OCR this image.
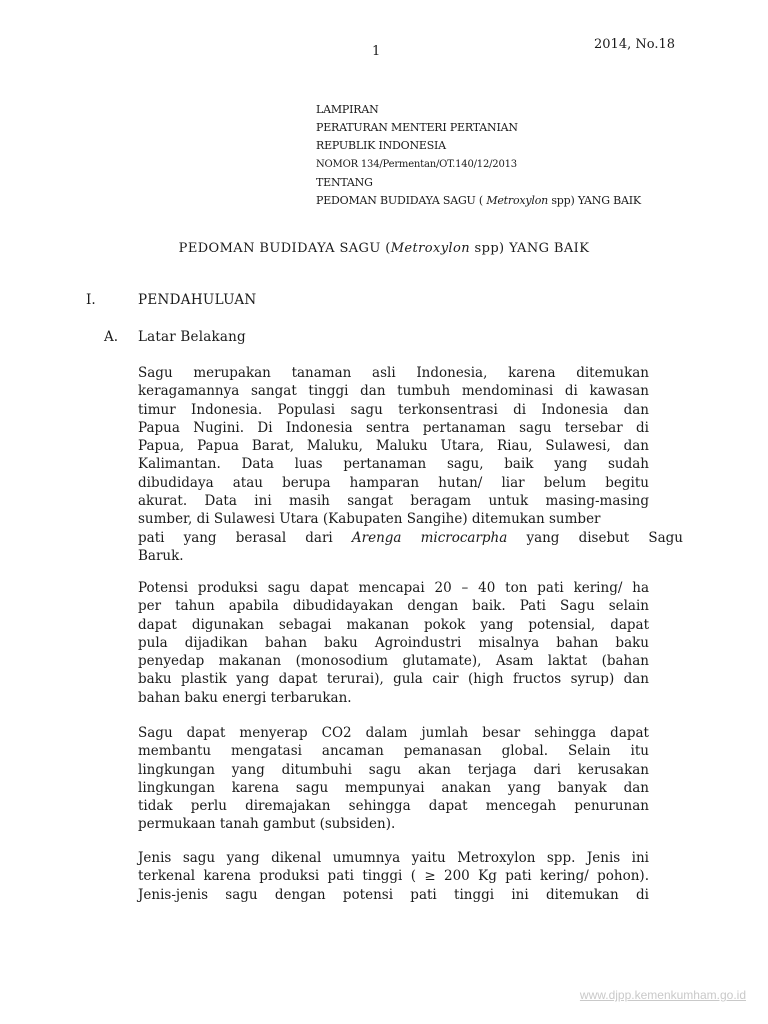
1	2014, No.18
LAMPIRAN
PERATURAN MENTERI PERTANIAN
REPUBLIK INDONESIA
NOMOR 134/Permentan/OT.140/12/2013
TENTANG
PEDOMAN BUDIDAYA SAGU ( Metroxylon spp) YANG BAIK
PEDOMAN BUDIDAYA SAGU (Metroxylon spp) YANG BAIK
I.	PENDAHULUAN
A. Latar Belakang
Sagu merupakan tanaman asli Indonesia, karena ditemukan
keragamannya sangat tinggi dan tumbuh mendominasi di kawasan
timur Indonesia. Populasi sagu terkonsentrasi di Indonesia dan
Papua Nugini. Di Indonesia sentra pertanaman sagu tersebar di
Papua, Papua Barat, Maluku, Maluku Utara, Riau, Sulawesi, dan
Kalimantan. Data luas pertanaman sagu, baik yang sudah
dibudidaya atau berupa hamparan hutan/ liar belum begitu
akurat. Data ini masih sangat beragam untuk masing-masing
sumber, di Sulawesi Utara (Kabupaten Sangihe) ditemukan sumber
pati yang berasal dari Arenga microcarpha yang disebut Sagu
Baruk.
Potensi produksi sagu dapat mencapai 20 – 40 ton pati kering/ ha
per tahun apabila dibudidayakan dengan baik. Pati Sagu selain
dapat digunakan sebagai makanan pokok yang potensial, dapat
pula dijadikan bahan baku Agroindustri misalnya bahan baku
penyedap makanan (monosodium glutamate), Asam laktat (bahan
baku plastik yang dapat terurai), gula cair (high fructos syrup) dan
bahan baku energi terbarukan.
Sagu dapat menyerap CO2 dalam jumlah besar sehingga dapat
membantu mengatasi ancaman pemanasan global. Selain itu
lingkungan yang ditumbuhi sagu akan terjaga dari kerusakan
lingkungan karena sagu mempunyai anakan yang banyak dan
tidak perlu diremajakan sehingga dapat mencegah penurunan
permukaan tanah gambut (subsiden).
Jenis sagu yang dikenal umumnya yaitu Metroxylon spp. Jenis ini
terkenal karena produksi pati tinggi ( ≥ 200 Kg pati kering/ pohon).
Jenis-jenis sagu dengan potensi pati tinggi ini ditemukan di
www.djpp.kemenkumham.go.id
